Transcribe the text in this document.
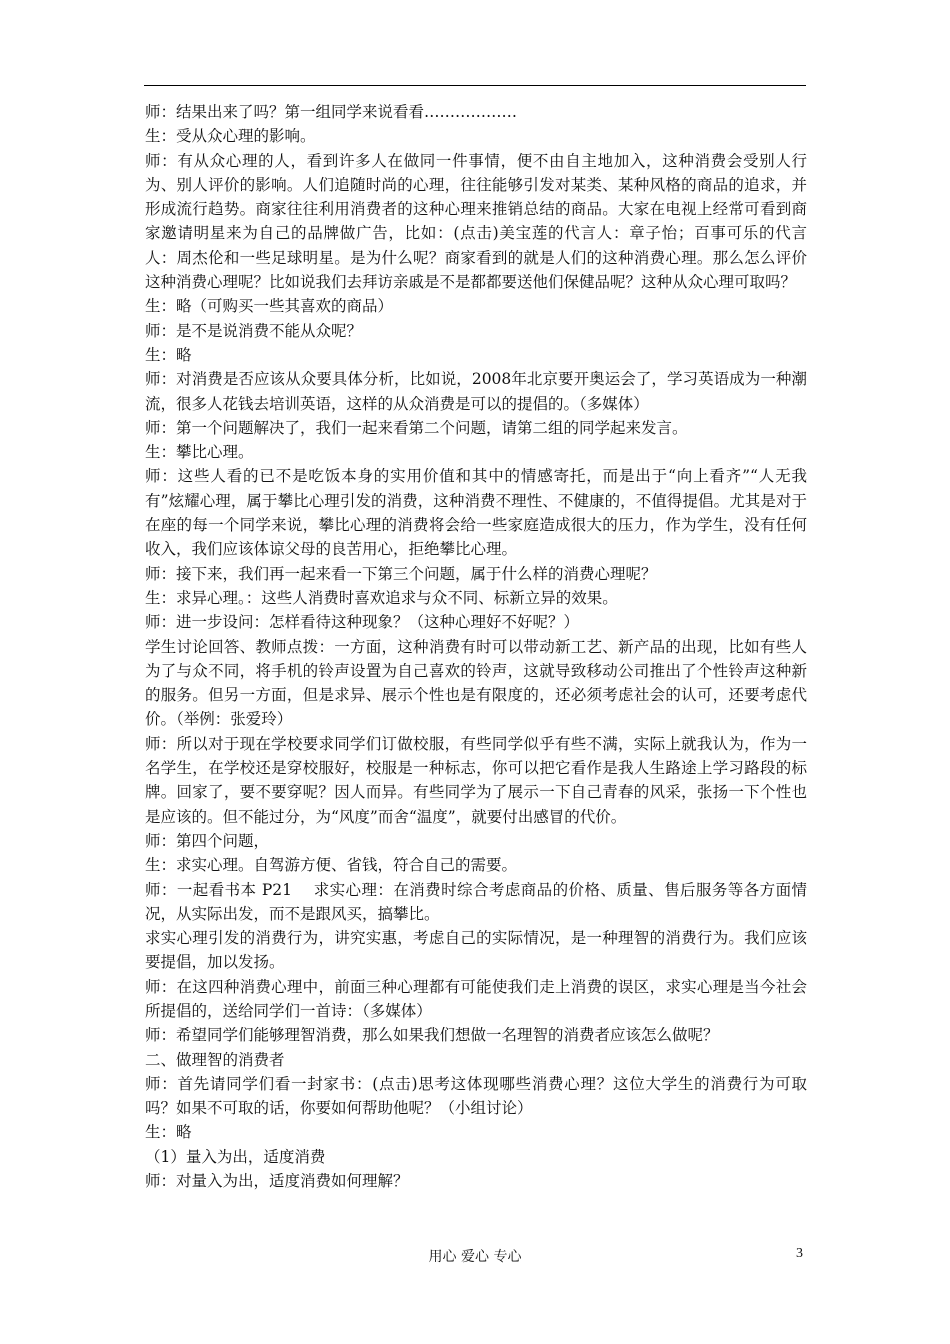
师：结果出来了吗？第一组同学来说看看………………

生：受从众心理的影响。

师：有从众心理的人，看到许多人在做同一件事情，便不由自主地加入，这种消费会受别人行为、别人评价的影响。人们追随时尚的心理，往往能够引发对某类、某种风格的商品的追求，并形成流行趋势。商家往往利用消费者的这种心理来推销总结的商品。大家在电视上经常可看到商家邀请明星来为自己的品牌做广告，比如：(点击)美宝莲的代言人：章子怡；百事可乐的代言人：周杰伦和一些足球明星。是为什么呢？商家看到的就是人们的这种消费心理。那么怎么评价这种消费心理呢？比如说我们去拜访亲戚是不是都都要送他们保健品呢？这种从众心理可取吗？

生：略（可购买一些其喜欢的商品）

师：是不是说消费不能从众呢？

生：略

师：对消费是否应该从众要具体分析，比如说，2008年北京要开奥运会了，学习英语成为一种潮流，很多人花钱去培训英语，这样的从众消费是可以的提倡的。（多媒体）

师：第一个问题解决了，我们一起来看第二个问题，请第二组的同学起来发言。

生：攀比心理。

师：这些人看的已不是吃饭本身的实用价值和其中的情感寄托，而是出于“向上看齐”“人无我有”炫耀心理，属于攀比心理引发的消费，这种消费不理性、不健康的，不值得提倡。尤其是对于在座的每一个同学来说，攀比心理的消费将会给一些家庭造成很大的压力，作为学生，没有任何收入，我们应该体谅父母的良苦用心，拒绝攀比心理。

师：接下来，我们再一起来看一下第三个问题，属于什么样的消费心理呢？

生：求异心理。：这些人消费时喜欢追求与众不同、标新立异的效果。

师：进一步设问：怎样看待这种现象？（这种心理好不好呢？）

学生讨论回答、教师点拨：一方面，这种消费有时可以带动新工艺、新产品的出现，比如有些人为了与众不同，将手机的铃声设置为自己喜欢的铃声，这就导致移动公司推出了个性铃声这种新的服务。但另一方面，但是求异、展示个性也是有限度的，还必须考虑社会的认可，还要考虑代价。（举例：张爱玲）

师：所以对于现在学校要求同学们订做校服，有些同学似乎有些不满，实际上就我认为，作为一名学生，在学校还是穿校服好，校服是一种标志，你可以把它看作是我人生路途上学习路段的标牌。回家了，要不要穿呢？因人而异。有些同学为了展示一下自己青春的风采，张扬一下个性也是应该的。但不能过分，为“风度”而舍“温度”，就要付出感冒的代价。

师：第四个问题，

生：求实心理。自驾游方便、省钱，符合自己的需要。

师：一起看书本 P21　 求实心理：在消费时综合考虑商品的价格、质量、售后服务等各方面情况，从实际出发，而不是跟风买，搞攀比。

求实心理引发的消费行为，讲究实惠，考虑自己的实际情况，是一种理智的消费行为。我们应该要提倡，加以发扬。

师：在这四种消费心理中，前面三种心理都有可能使我们走上消费的误区，求实心理是当今社会所提倡的，送给同学们一首诗：（多媒体）

师：希望同学们能够理智消费，那么如果我们想做一名理智的消费者应该怎么做呢？

二、做理智的消费者

师：首先请同学们看一封家书：(点击)思考这体现哪些消费心理？这位大学生的消费行为可取吗？如果不可取的话，你要如何帮助他呢？（小组讨论）

生：略

（1）量入为出，适度消费

师：对量入为出，适度消费如何理解？

用心 爱心 专心	3
